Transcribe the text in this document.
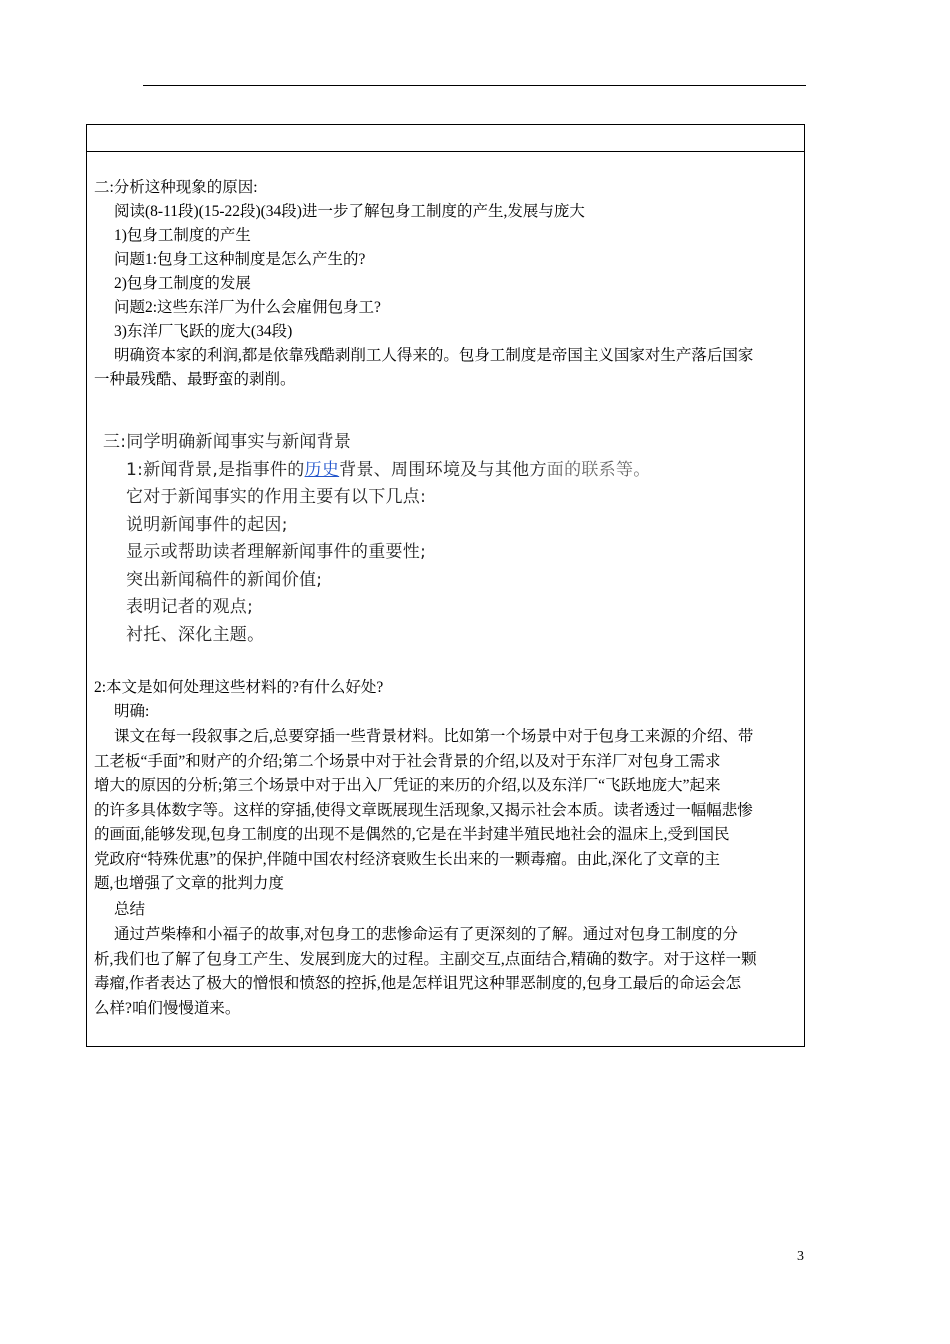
二:分析这种现象的原因:
阅读(8-11段)(15-22段)(34段)进一步了解包身工制度的产生,发展与庞大
1)包身工制度的产生
问题1:包身工这种制度是怎么产生的?
2)包身工制度的发展
问题2:这些东洋厂为什么会雇佣包身工?
3)东洋厂飞跃的庞大(34段)
明确资本家的利润,都是依靠残酷剥削工人得来的。包身工制度是帝国主义国家对生产落后国家
一种最残酷、最野蛮的剥削。
三:同学明确新闻事实与新闻背景
1:新闻背景,是指事件的历史背景、周围环境及与其他方面的联系等。
它对于新闻事实的作用主要有以下几点:
说明新闻事件的起因;
显示或帮助读者理解新闻事件的重要性;
突出新闻稿件的新闻价值;
表明记者的观点;
衬托、深化主题。
2:本文是如何处理这些材料的?有什么好处?
明确:
课文在每一段叙事之后,总要穿插一些背景材料。比如第一个场景中对于包身工来源的介绍、带
工老板“手面”和财产的介绍;第二个场景中对于社会背景的介绍,以及对于东洋厂对包身工需求
增大的原因的分析;第三个场景中对于出入厂凭证的来历的介绍,以及东洋厂“飞跃地庞大”起来
的许多具体数字等。这样的穿插,使得文章既展现生活现象,又揭示社会本质。读者透过一幅幅悲惨
的画面,能够发现,包身工制度的出现不是偶然的,它是在半封建半殖民地社会的温床上,受到国民
党政府“特殊优惠”的保护,伴随中国农村经济衰败生长出来的一颗毒瘤。由此,深化了文章的主
题,也增强了文章的批判力度
总结
通过芦柴棒和小福子的故事,对包身工的悲惨命运有了更深刻的了解。通过对包身工制度的分
析,我们也了解了包身工产生、发展到庞大的过程。主副交互,点面结合,精确的数字。对于这样一颗
毒瘤,作者表达了极大的憎恨和愤怒的控拆,他是怎样诅咒这种罪恶制度的,包身工最后的命运会怎
么样?咱们慢慢道来。
3
